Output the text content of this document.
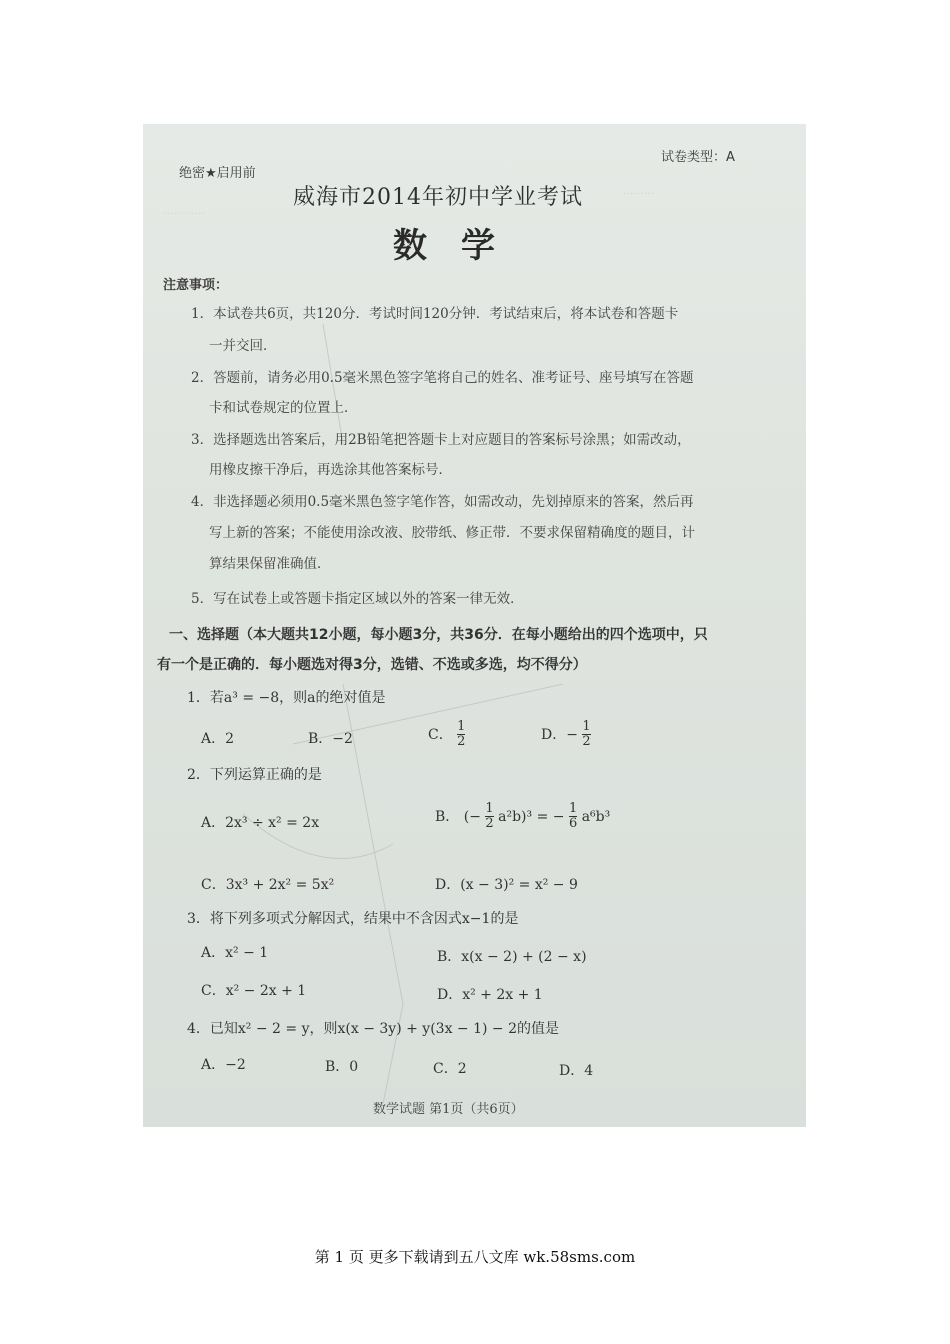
............
.........
绝密★启用前
试卷类型：A
威海市2014年初中学业考试
数学
注意事项：
1．本试卷共6页，共120分．考试时间120分钟．考试结束后，将本试卷和答题卡
一并交回．
2．答题前，请务必用0.5毫米黑色签字笔将自己的姓名、准考证号、座号填写在答题
卡和试卷规定的位置上．
3．选择题选出答案后，用2B铅笔把答题卡上对应题目的答案标号涂黑；如需改动，
用橡皮擦干净后，再选涂其他答案标号．
4．非选择题必须用0.5毫米黑色签字笔作答，如需改动，先划掉原来的答案，然后再
写上新的答案；不能使用涂改液、胶带纸、修正带．不要求保留精确度的题目，计
算结果保留准确值．
5．写在试卷上或答题卡指定区域以外的答案一律无效．
一、选择题（本大题共12小题，每小题3分，共36分．在每小题给出的四个选项中，只
有一个是正确的．每小题选对得3分，选错、不选或多选，均不得分）
1．若a³ = −8，则a的绝对值是
A．2	B．−2	C． $\frac{1}{2}$	D．− $\frac{1}{2}$
2．下列运算正确的是
A．2x³ ÷ x² = 2x	B． (− $\frac{1}{2} a^2b)^3$ = − $\frac{1}{6} a^6b^3$
C．3x³ + 2x² = 5x²	D．(x − 3)² = x² − 9
3．将下列多项式分解因式，结果中不含因式x−1的是
A．x² − 1	B．x(x − 2) + (2 − x)
C．x² − 2x + 1	D．x² + 2x + 1
4．已知x² − 2 = y，则x(x − 3y) + y(3x − 1) − 2的值是
A．−2	B．0	C．2	D．4
数学试题 第1页（共6页）
第 1 页 更多下载请到五八文库 wk.58sms.com
